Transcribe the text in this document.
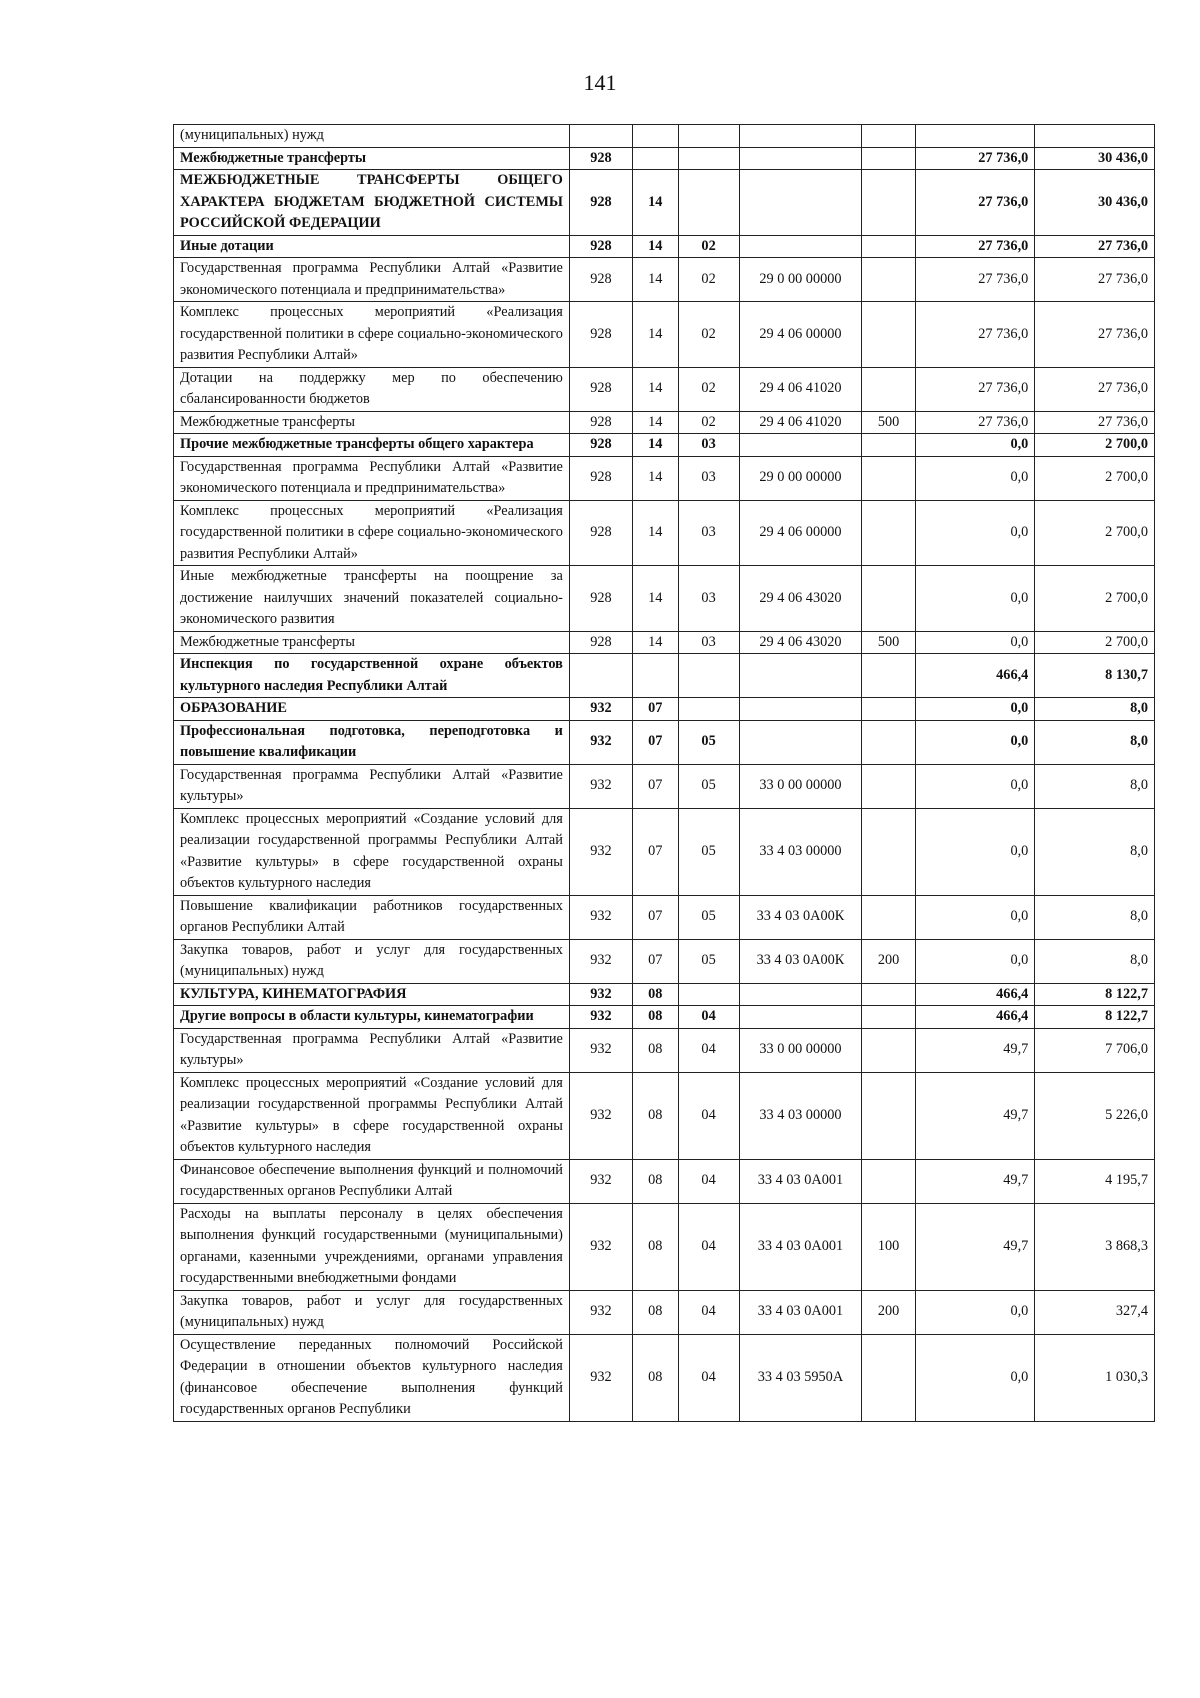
141
(муниципальных) нужд							
Межбюджетные трансферты	928					27 736,0	30 436,0
МЕЖБЮДЖЕТНЫЕ ТРАНСФЕРТЫ ОБЩЕГО ХАРАКТЕРА БЮДЖЕТАМ БЮДЖЕТНОЙ СИСТЕМЫ РОССИЙСКОЙ ФЕДЕРАЦИИ	928	14				27 736,0	30 436,0
Иные дотации	928	14	02			27 736,0	27 736,0
Государственная программа Республики Алтай «Развитие экономического потенциала и предпринимательства»	928	14	02	29 0 00 00000		27 736,0	27 736,0
Комплекс процессных мероприятий «Реализация государственной политики в сфере социально-экономического развития Республики Алтай»	928	14	02	29 4 06 00000		27 736,0	27 736,0
Дотации на поддержку мер по обеспечению сбалансированности бюджетов	928	14	02	29 4 06 41020		27 736,0	27 736,0
Межбюджетные трансферты	928	14	02	29 4 06 41020	500	27 736,0	27 736,0
Прочие межбюджетные трансферты общего характера	928	14	03			0,0	2 700,0
Государственная программа Республики Алтай «Развитие экономического потенциала и предпринимательства»	928	14	03	29 0 00 00000		0,0	2 700,0
Комплекс процессных мероприятий «Реализация государственной политики в сфере социально-экономического развития Республики Алтай»	928	14	03	29 4 06 00000		0,0	2 700,0
Иные межбюджетные трансферты на поощрение за достижение наилучших значений показателей социально-экономического развития	928	14	03	29 4 06 43020		0,0	2 700,0
Межбюджетные трансферты	928	14	03	29 4 06 43020	500	0,0	2 700,0
Инспекция по государственной охране объектов культурного наследия Республики Алтай						466,4	8 130,7
ОБРАЗОВАНИЕ	932	07				0,0	8,0
Профессиональная подготовка, переподготовка и повышение квалификации	932	07	05			0,0	8,0
Государственная программа Республики Алтай «Развитие культуры»	932	07	05	33 0 00 00000		0,0	8,0
Комплекс процессных мероприятий «Создание условий для реализации государственной программы Республики Алтай «Развитие культуры» в сфере государственной охраны объектов культурного наследия	932	07	05	33 4 03 00000		0,0	8,0
Повышение квалификации работников государственных органов Республики Алтай	932	07	05	33 4 03 0А00К		0,0	8,0
Закупка товаров, работ и услуг для государственных (муниципальных) нужд	932	07	05	33 4 03 0А00К	200	0,0	8,0
КУЛЬТУРА, КИНЕМАТОГРАФИЯ	932	08				466,4	8 122,7
Другие вопросы в области культуры, кинематографии	932	08	04			466,4	8 122,7
Государственная программа Республики Алтай «Развитие культуры»	932	08	04	33 0 00 00000		49,7	7 706,0
Комплекс процессных мероприятий «Создание условий для реализации государственной программы Республики Алтай «Развитие культуры» в сфере государственной охраны объектов культурного наследия	932	08	04	33 4 03 00000		49,7	5 226,0
Финансовое обеспечение выполнения функций и полномочий государственных органов Республики Алтай	932	08	04	33 4 03 0А001		49,7	4 195,7
Расходы на выплаты персоналу в целях обеспечения выполнения функций государственными (муниципальными) органами, казенными учреждениями, органами управления государственными внебюджетными фондами	932	08	04	33 4 03 0А001	100	49,7	3 868,3
Закупка товаров, работ и услуг для государственных (муниципальных) нужд	932	08	04	33 4 03 0А001	200	0,0	327,4
Осуществление переданных полномочий Российской Федерации в отношении объектов культурного наследия (финансовое обеспечение выполнения функций государственных органов Республики	932	08	04	33 4 03 5950А		0,0	1 030,3
